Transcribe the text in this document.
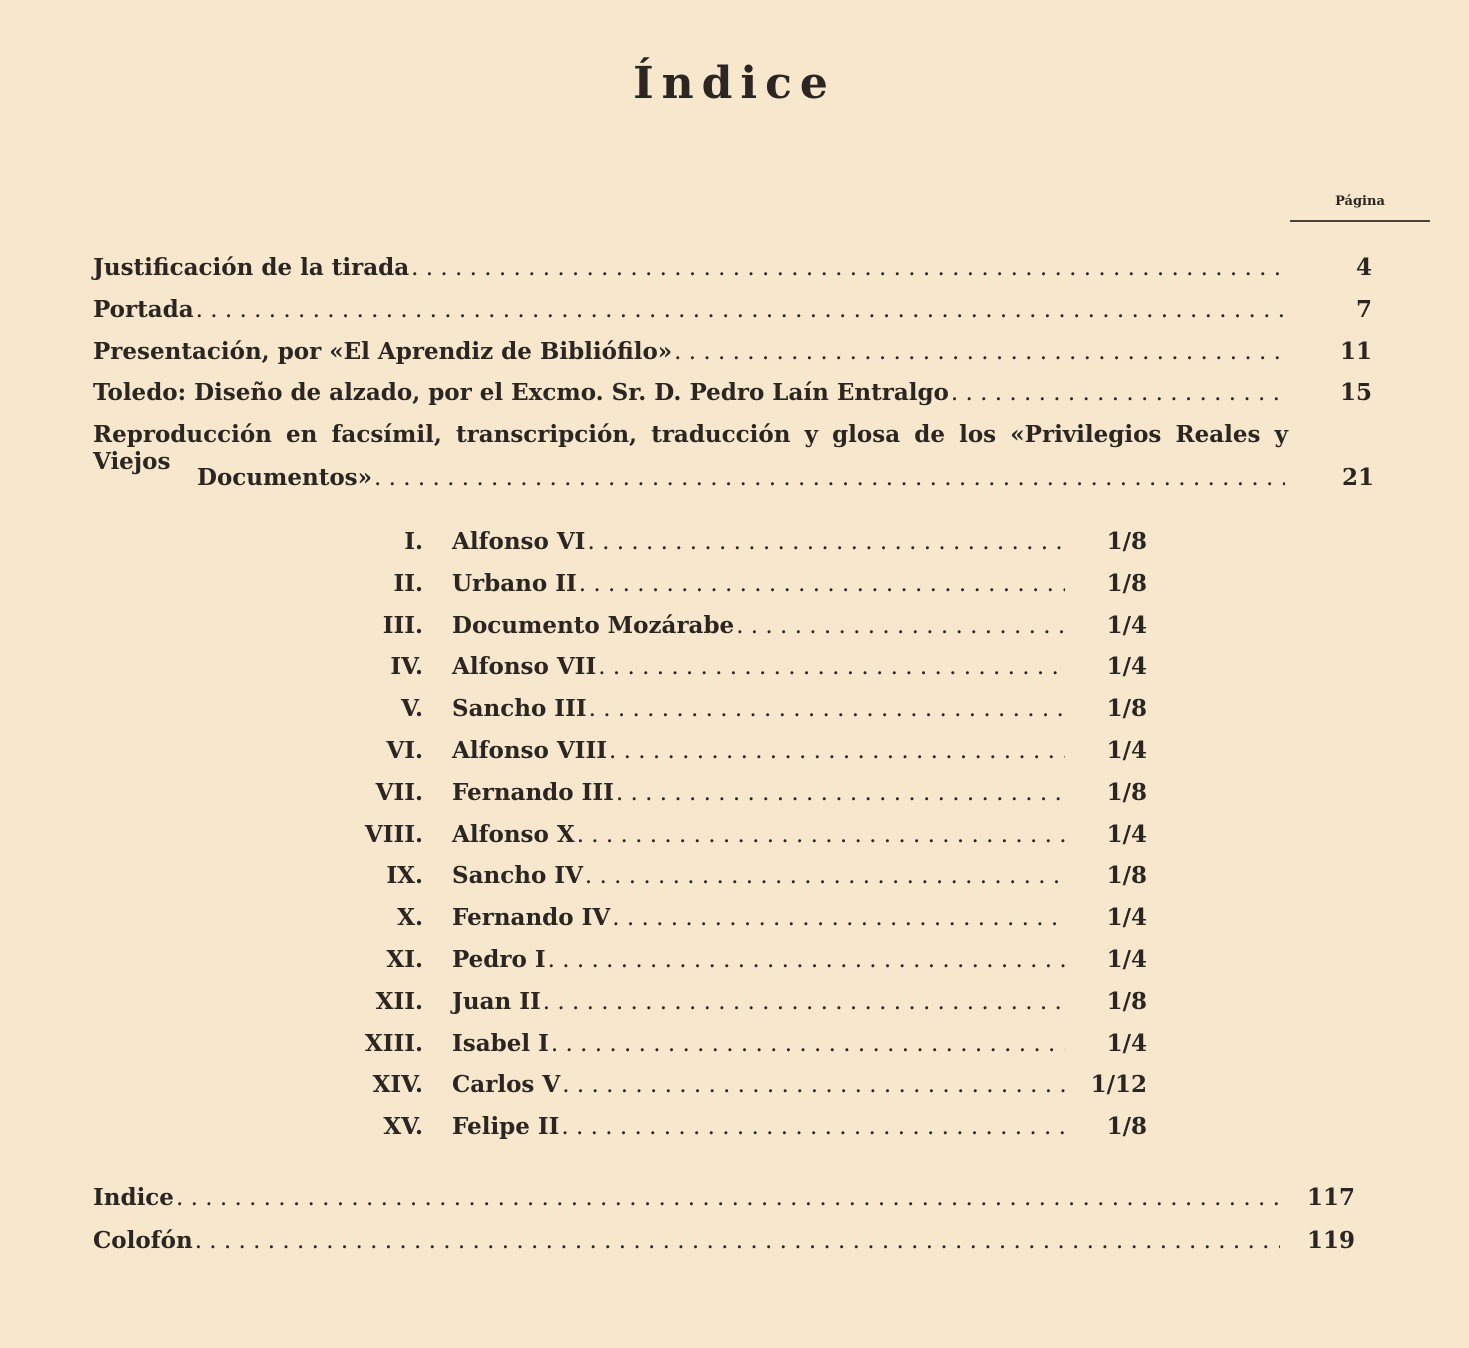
Índice
Página
Justificación de la tirada . . .	4
Portada . . .	7
Presentación, por «El Aprendiz de Bibliófilo» . . .	11
Toledo: Diseño de alzado, por el Excmo. Sr. D. Pedro Laín Entralgo . . .	15
Reproducción en facsímil, transcripción, traducción y glosa de los «Privilegios Reales y Viejos
Documentos» . . .	21
I. Alfonso VI . . .	1/8
II. Urbano II . . .	1/8
III. Documento Mozárabe . . .	1/4
IV. Alfonso VII . . .	1/4
V. Sancho III . . .	1/8
VI. Alfonso VIII . . .	1/4
VII. Fernando III . . .	1/8
VIII. Alfonso X . . .	1/4
IX. Sancho IV . . .	1/8
X. Fernando IV . . .	1/4
XI. Pedro I . . .	1/4
XII. Juan II . . .	1/8
XIII. Isabel I . . .	1/4
XIV. Carlos V . . .	1/12
XV. Felipe II . . .	1/8
Indice . . .	117
Colofón . . .	119
